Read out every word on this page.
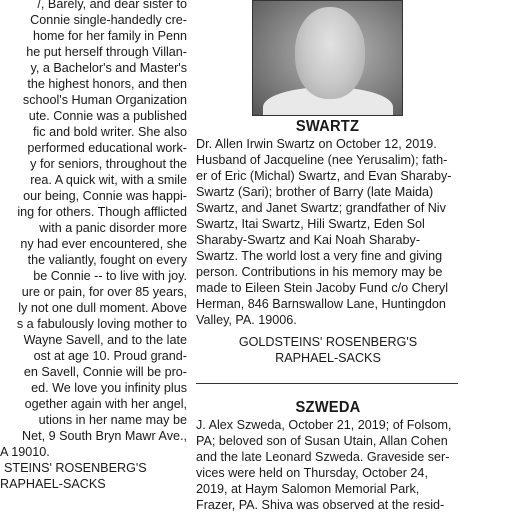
/, Barely, and dear sister to
Connie single-handedly cre-
home for her family in Penn
he put herself through Villan-
y, a Bachelor's and Master's
the highest honors, and then
school's Human Organization
ute. Connie was a published
fic and bold writer. She also
performed educational work-
y for seniors, throughout the
rea. A quick wit, with a smile
our being, Connie was happi-
ing for others. Though afflicted
with a panic disorder more
ny had ever encountered, she
the valiantly, fought on every
be Connie -- to live with joy.
ure or pain, for over 85 years,
ly not one dull moment. Above
s a fabulously loving mother to
Wayne Savell, and to the late
ost at age 10. Proud grand-
en Savell, Connie will be pro-
ed. We love you infinity plus
ogether again with her angel,
utions in her name may be
Net, 9 South Bryn Mawr Ave.,
A 19010.
STEINS' ROSENBERG'S
RAPHAEL-SACKS
SWARTZ
Dr. Allen Irwin Swartz on October 12, 2019.
Husband of Jacqueline (nee Yerusalim); fath-
er of Eric (Michal) Swartz, and Evan Sharaby-
Swartz (Sari); brother of Barry (late Maida)
Swartz, and Janet Swartz; grandfather of Niv
Swartz, Itai Swartz, Hili Swartz, Eden Sol
Sharaby-Swartz and Kai Noah Sharaby-
Swartz. The world lost a very fine and giving
person. Contributions in his memory may be
made to Eileen Stein Jacoby Fund c/o Cheryl
Herman, 846 Barnswallow Lane, Huntingdon
Valley, PA. 19006.
GOLDSTEINS' ROSENBERG'S
RAPHAEL-SACKS
SZWEDA
J. Alex Szweda, October 21, 2019; of Folsom,
PA; beloved son of Susan Utain, Allan Cohen
and the late Leonard Szweda. Graveside ser-
vices were held on Thursday, October 24,
2019, at Haym Salomon Memorial Park,
Frazer, PA. Shiva was observed at the resid-
